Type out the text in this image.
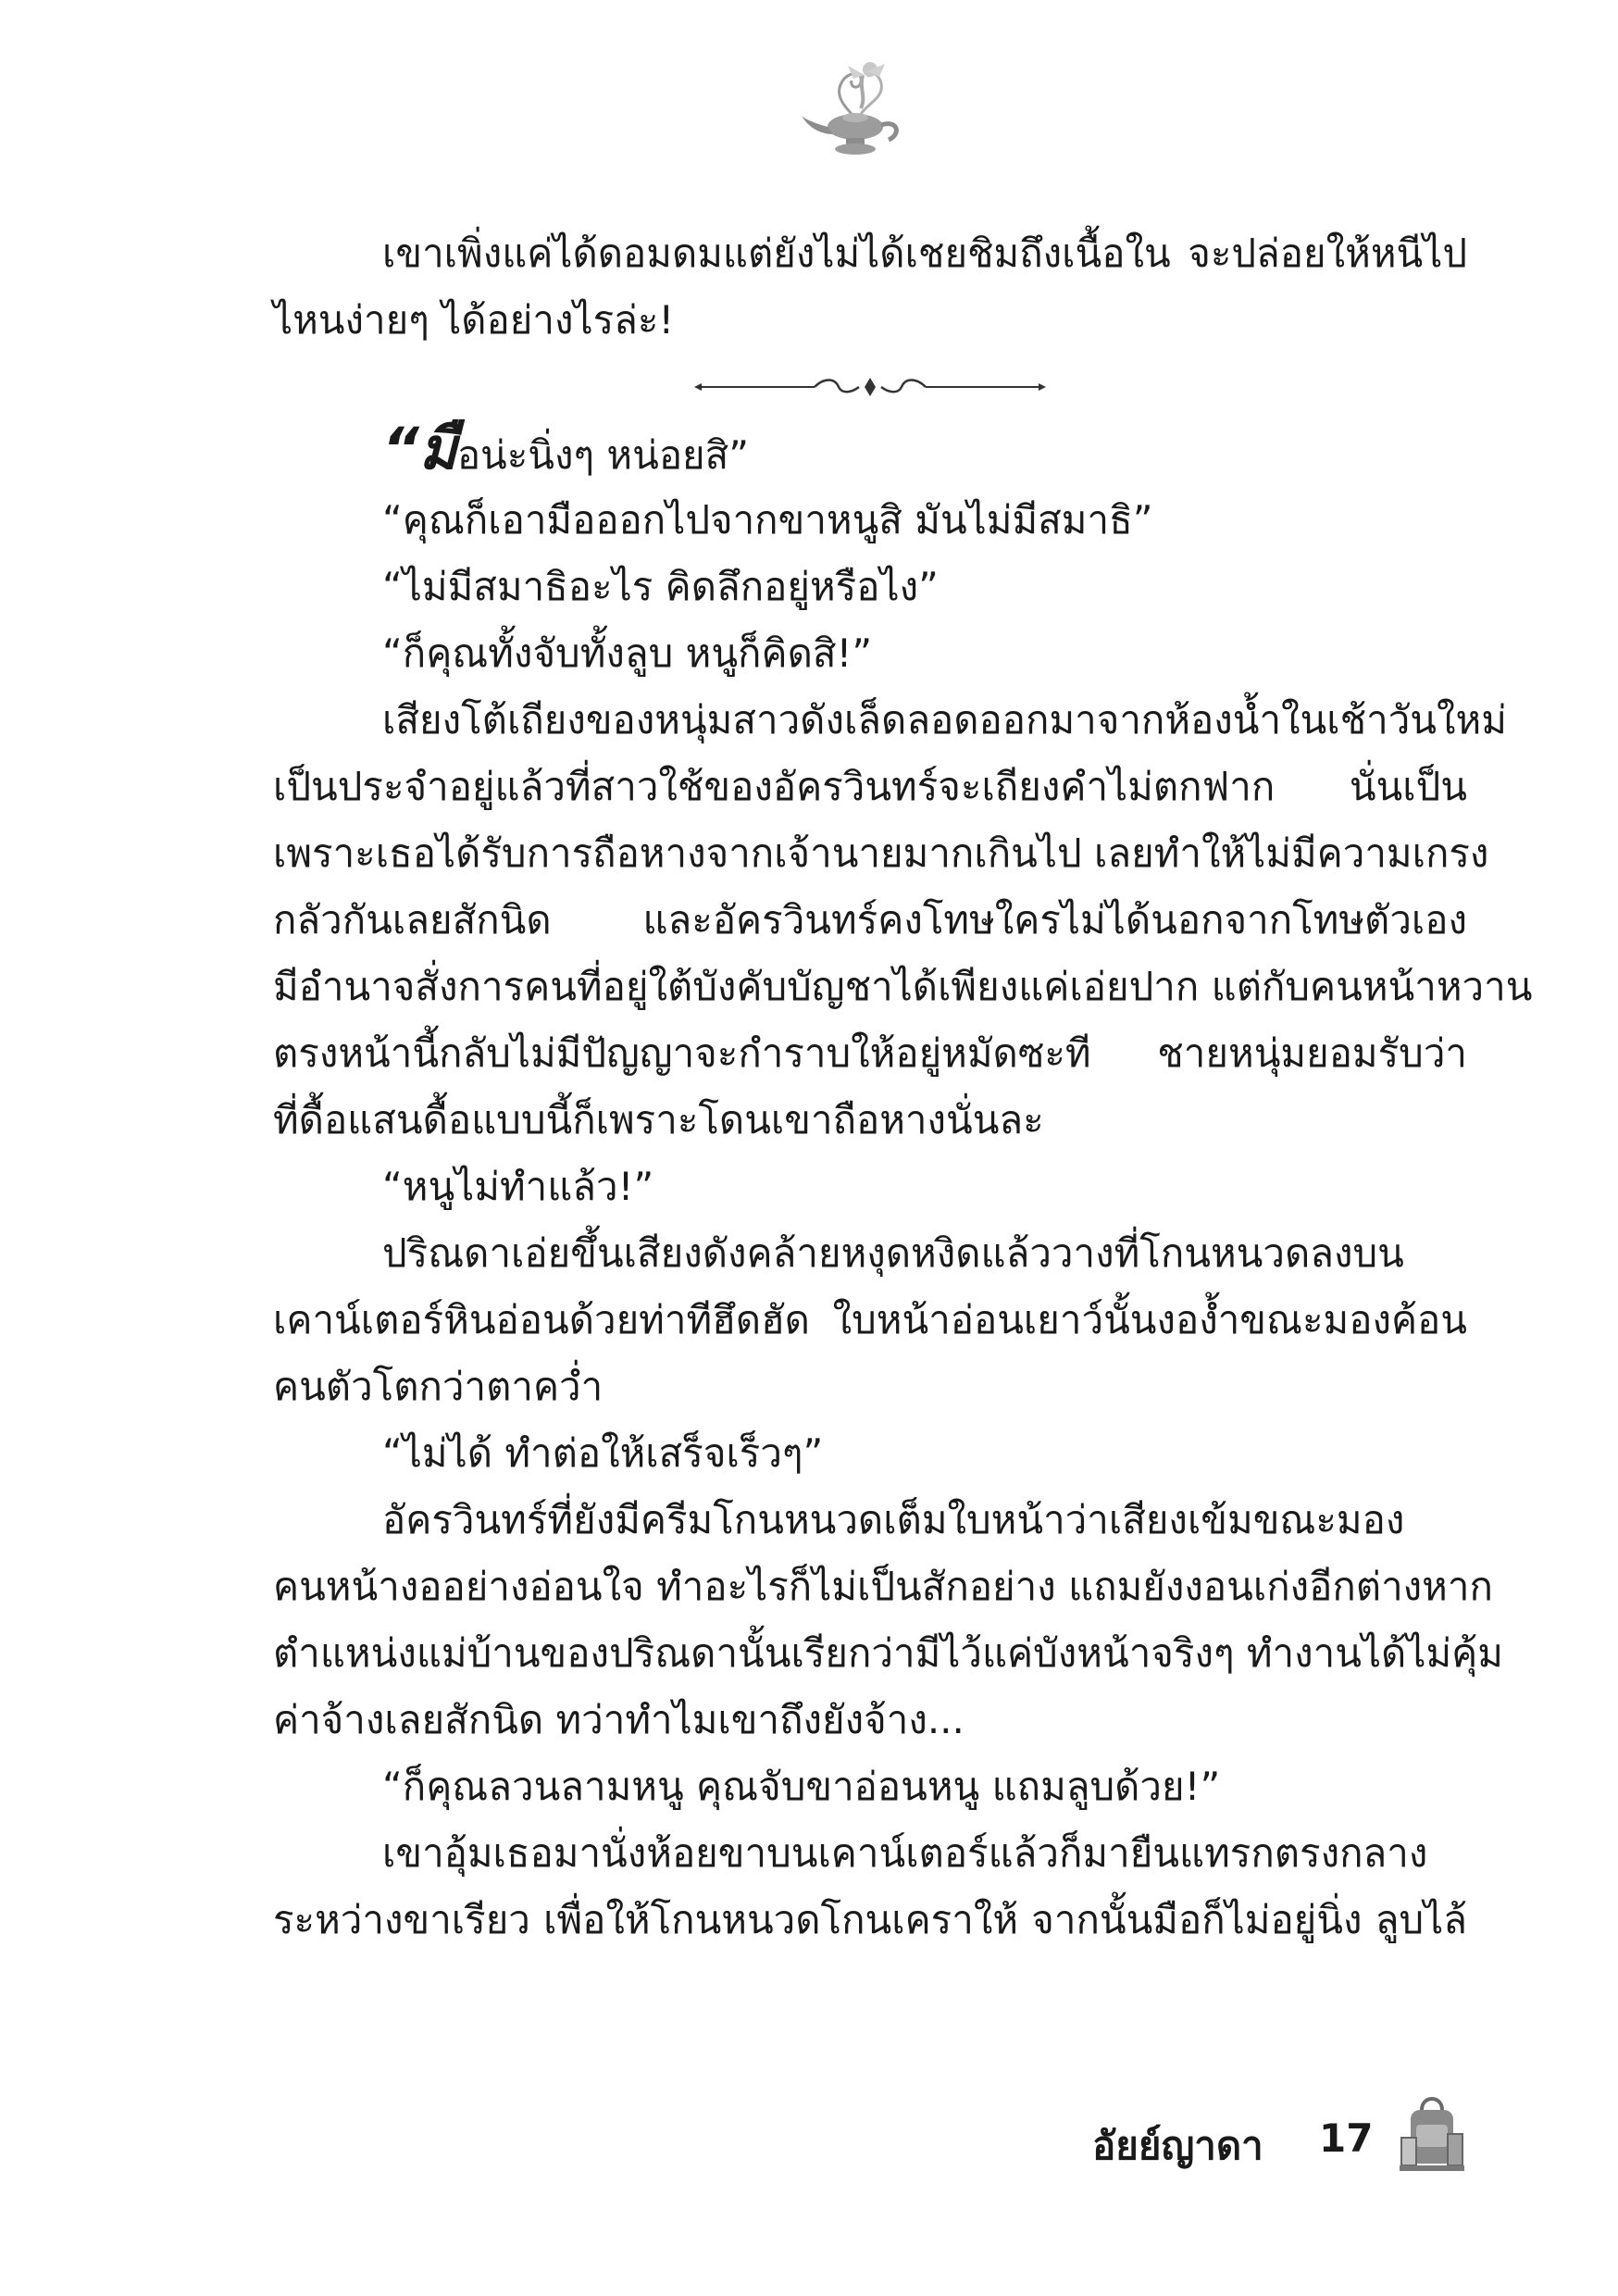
เขาเพิ่งแค่ได้ดอมดมแต่ยังไม่ได้เชยชิมถึงเนื้อใน จะปล่อยให้หนีไป
ไหนง่ายๆ ได้อย่างไรล่ะ!
“มือน่ะนิ่งๆ หน่อยสิ”
“คุณก็เอามือออกไปจากขาหนูสิ มันไม่มีสมาธิ”
“ไม่มีสมาธิอะไร คิดลึกอยู่หรือไง”
“ก็คุณทั้งจับทั้งลูบ หนูก็คิดสิ!”
เสียงโต้เถียงของหนุ่มสาวดังเล็ดลอดออกมาจากห้องน้ำในเช้าวันใหม่
เป็นประจำอยู่แล้วที่สาวใช้ของอัครวินทร์จะเถียงคำไม่ตกฟาก นั่นเป็น
เพราะเธอได้รับการถือหางจากเจ้านายมากเกินไป เลยทำให้ไม่มีความเกรง
กลัวกันเลยสักนิด และอัครวินทร์คงโทษใครไม่ได้นอกจากโทษตัวเอง
มีอำนาจสั่งการคนที่อยู่ใต้บังคับบัญชาได้เพียงแค่เอ่ยปาก แต่กับคนหน้าหวาน
ตรงหน้านี้กลับไม่มีปัญญาจะกำราบให้อยู่หมัดซะที ชายหนุ่มยอมรับว่า
ที่ดื้อแสนดื้อแบบนี้ก็เพราะโดนเขาถือหางนั่นละ
“หนูไม่ทำแล้ว!”
ปริณดาเอ่ยขึ้นเสียงดังคล้ายหงุดหงิดแล้ววางที่โกนหนวดลงบน
เคาน์เตอร์หินอ่อนด้วยท่าทีฮึดฮัด ใบหน้าอ่อนเยาว์นั้นงอง้ำขณะมองค้อน
คนตัวโตกว่าตาคว่ำ
“ไม่ได้ ทำต่อให้เสร็จเร็วๆ”
อัครวินทร์ที่ยังมีครีมโกนหนวดเต็มใบหน้าว่าเสียงเข้มขณะมอง
คนหน้างออย่างอ่อนใจ ทำอะไรก็ไม่เป็นสักอย่าง แถมยังงอนเก่งอีกต่างหาก
ตำแหน่งแม่บ้านของปริณดานั้นเรียกว่ามีไว้แค่บังหน้าจริงๆ ทำงานได้ไม่คุ้ม
ค่าจ้างเลยสักนิด ทว่าทำไมเขาถึงยังจ้าง...
“ก็คุณลวนลามหนู คุณจับขาอ่อนหนู แถมลูบด้วย!”
เขาอุ้มเธอมานั่งห้อยขาบนเคาน์เตอร์แล้วก็มายืนแทรกตรงกลาง
ระหว่างขาเรียว เพื่อให้โกนหนวดโกนเคราให้ จากนั้นมือก็ไม่อยู่นิ่ง ลูบไล้
อัยย์ญาดา 17
